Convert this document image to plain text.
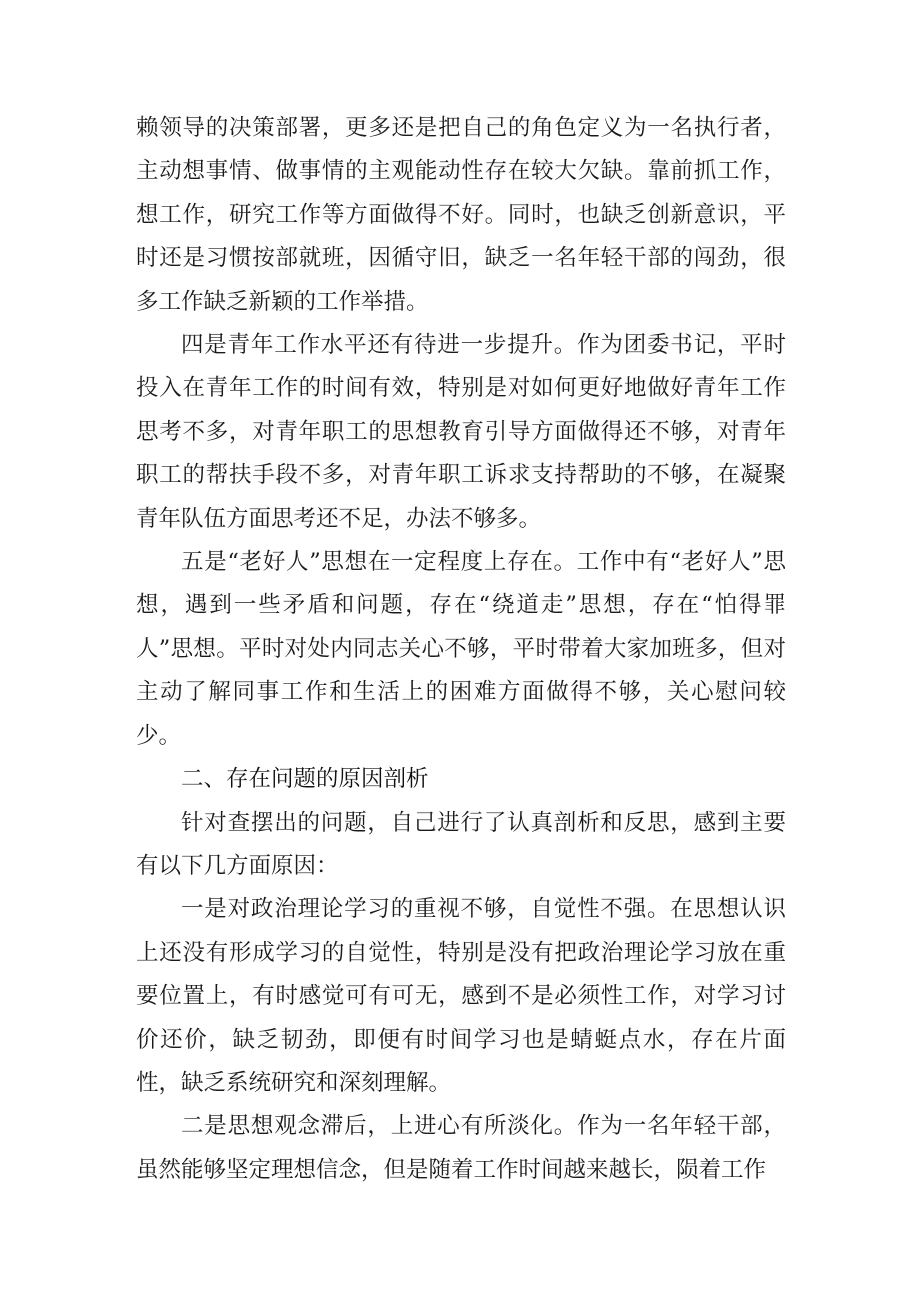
赖领导的决策部署，更多还是把自己的角色定义为一名执行者，主动想事情、做事情的主观能动性存在较大欠缺。靠前抓工作，想工作，研究工作等方面做得不好。同时，也缺乏创新意识，平时还是习惯按部就班，因循守旧，缺乏一名年轻干部的闯劲，很多工作缺乏新颖的工作举措。

四是青年工作水平还有待进一步提升。作为团委书记，平时投入在青年工作的时间有效，特别是对如何更好地做好青年工作思考不多，对青年职工的思想教育引导方面做得还不够，对青年职工的帮扶手段不多，对青年职工诉求支持帮助的不够，在凝聚青年队伍方面思考还不足，办法不够多。

五是“老好人”思想在一定程度上存在。工作中有“老好人”思想，遇到一些矛盾和问题，存在“绕道走”思想，存在“怕得罪人”思想。平时对处内同志关心不够，平时带着大家加班多，但对主动了解同事工作和生活上的困难方面做得不够，关心慰问较少。

二、存在问题的原因剖析

针对查摆出的问题，自己进行了认真剖析和反思，感到主要有以下几方面原因：

一是对政治理论学习的重视不够，自觉性不强。在思想认识上还没有形成学习的自觉性，特别是没有把政治理论学习放在重要位置上，有时感觉可有可无，感到不是必须性工作，对学习讨价还价，缺乏韧劲，即便有时间学习也是蜻蜓点水，存在片面性，缺乏系统研究和深刻理解。

二是思想观念滞后，上进心有所淡化。作为一名年轻干部，虽然能够坚定理想信念，但是随着工作时间越来越长，陨着工作
